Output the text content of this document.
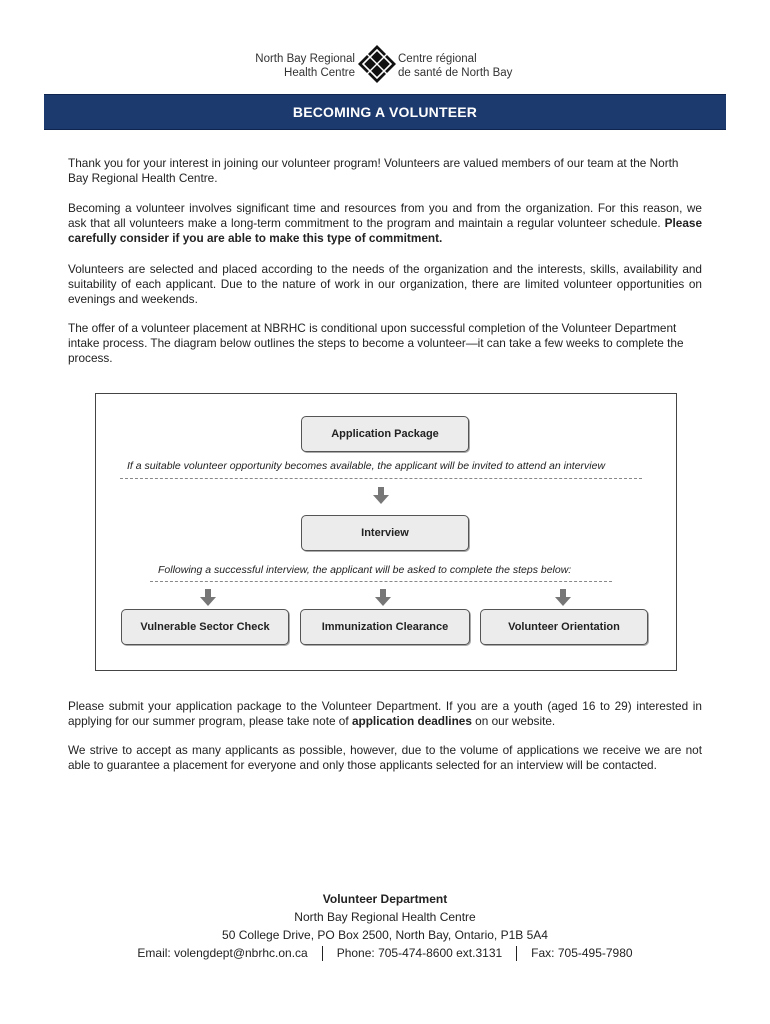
North Bay Regional
Health Centre
Centre régional
de santé de North Bay
BECOMING A VOLUNTEER

Thank you for your interest in joining our volunteer program! Volunteers are valued members of our team at the North Bay Regional Health Centre.

Becoming a volunteer involves significant time and resources from you and from the organization. For this reason, we ask that all volunteers make a long-term commitment to the program and maintain a regular volunteer schedule. Please carefully consider if you are able to make this type of commitment.

Volunteers are selected and placed according to the needs of the organization and the interests, skills, availability and suitability of each applicant. Due to the nature of work in our organization, there are limited volunteer opportunities on evenings and weekends.

The offer of a volunteer placement at NBRHC is conditional upon successful completion of the Volunteer Department intake process. The diagram below outlines the steps to become a volunteer—it can take a few weeks to complete the process.

Application Package
If a suitable volunteer opportunity becomes available, the applicant will be invited to attend an interview
Interview
Following a successful interview, the applicant will be asked to complete the steps below:
Vulnerable Sector Check	Immunization Clearance	Volunteer Orientation

Please submit your application package to the Volunteer Department. If you are a youth (aged 16 to 29) interested in applying for our summer program, please take note of application deadlines on our website.

We strive to accept as many applicants as possible, however, due to the volume of applications we receive we are not able to guarantee a placement for everyone and only those applicants selected for an interview will be contacted.

Volunteer Department
North Bay Regional Health Centre
50 College Drive, PO Box 2500, North Bay, Ontario, P1B 5A4
Email: volengdept@nbrhc.on.ca Phone: 705-474-8600 ext.3131 Fax: 705-495-7980
